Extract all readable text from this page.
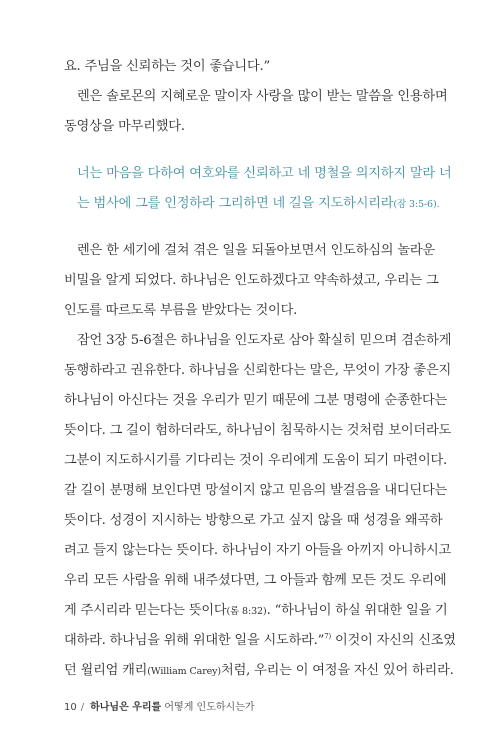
요. 주님을 신뢰하는 것이 좋습니다.”
렌은 솔로몬의 지혜로운 말이자 사랑을 많이 받는 말씀을 인용하며
동영상을 마무리했다.
너는 마음을 다하여 여호와를 신뢰하고 네 명철을 의지하지 말라 너
는 범사에 그를 인정하라 그리하면 네 길을 지도하시리라(잠 3:5-6).
렌은 한 세기에 걸쳐 겪은 일을 되돌아보면서 인도하심의 놀라운
비밀을 알게 되었다. 하나님은 인도하겠다고 약속하셨고, 우리는 그
인도를 따르도록 부름을 받았다는 것이다.
잠언 3장 5-6절은 하나님을 인도자로 삼아 확실히 믿으며 겸손하게
동행하라고 권유한다. 하나님을 신뢰한다는 말은, 무엇이 가장 좋은지
하나님이 아신다는 것을 우리가 믿기 때문에 그분 명령에 순종한다는
뜻이다. 그 길이 험하더라도, 하나님이 침묵하시는 것처럼 보이더라도
그분이 지도하시기를 기다리는 것이 우리에게 도움이 되기 마련이다.
갈 길이 분명해 보인다면 망설이지 않고 믿음의 발걸음을 내디딘다는
뜻이다. 성경이 지시하는 방향으로 가고 싶지 않을 때 성경을 왜곡하
려고 들지 않는다는 뜻이다. 하나님이 자기 아들을 아끼지 아니하시고
우리 모든 사람을 위해 내주셨다면, 그 아들과 함께 모든 것도 우리에
게 주시리라 믿는다는 뜻이다(롬 8:32). “하나님이 하실 위대한 일을 기
대하라. 하나님을 위해 위대한 일을 시도하라.”$^{7)}$ 이것이 자신의 신조였
던 윌리엄 캐리(William Carey)처럼, 우리는 이 여정을 자신 있어 하리라.
10 / 하나님은 우리를 어떻게 인도하시는가
